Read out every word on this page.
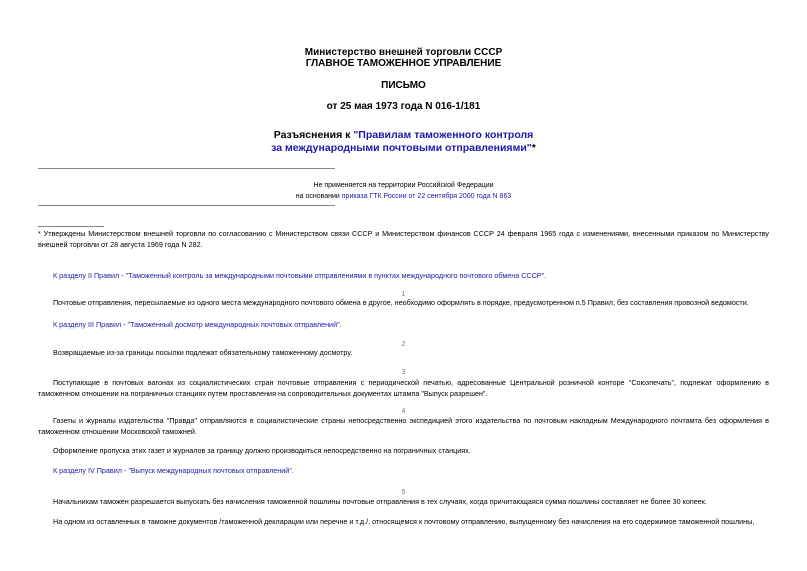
Министерство внешней торговли СССР
ГЛАВНОЕ ТАМОЖЕННОЕ УПРАВЛЕНИЕ
ПИСЬМО
от 25 мая 1973 года N 016-1/181
Разъяснения к "Правилам таможенного контроля
за международными почтовыми отправлениями"*
Не применяется на территории Российской Федерации
на основании приказа ГТК России от 22 сентября 2000 года N 863
* Утверждены Министерством внешней торговли по согласованию с Министерством связи СССР и Министерством финансов СССР 24 февраля 1965 года с изменениями, внесенными приказом по Министерству внешней торговли от 28 августа 1969 года N 282.
К разделу II Правил - "Таможенный контроль за международными почтовыми отправлениями в пунктах международного почтового обмена СССР".
1
Почтовые отправления, пересылаемые из одного места международного почтового обмена в другое, необходимо оформлять в порядке, предусмотренном п.5 Правил, без составления провозной ведомости.
К разделу III Правил - "Таможенный досмотр международных почтовых отправлений".
2
Возвращаемые из-за границы посылки подлежат обязательному таможенному досмотру.
3
Поступающие в почтовых вагонах из социалистических стран почтовые отправления с периодической печатью, адресованные Центральной розничной конторе "Союзпечать", подлежат оформлению в таможенном отношении на пограничных станциях путем проставления на сопроводительных документах штампа "Выпуск разрешен".
4
Газеты и журналы издательства "Правда" отправляются в социалистические страны непосредственно экспедицией этого издательства по почтовым накладным Международного почтамта без оформления в таможенном отношении Московской таможней.
Оформление пропуска этих газет и журналов за границу должно производиться непосредственно на пограничных станциях.
К разделу IV Правил - "Выпуск международных почтовых отправлений".
5
Начальникам таможен разрешается выпускать без начисления таможенной пошлины почтовые отправления в тех случаях, когда причитающаяся сумма пошлины составляет не более 30 копеек.
На одном из оставленных в таможне документов /таможенной декларации или перечне и т.д./, относящемся к почтовому отправлению, выпущенному без начисления на его содержимое таможенной пошлины,
